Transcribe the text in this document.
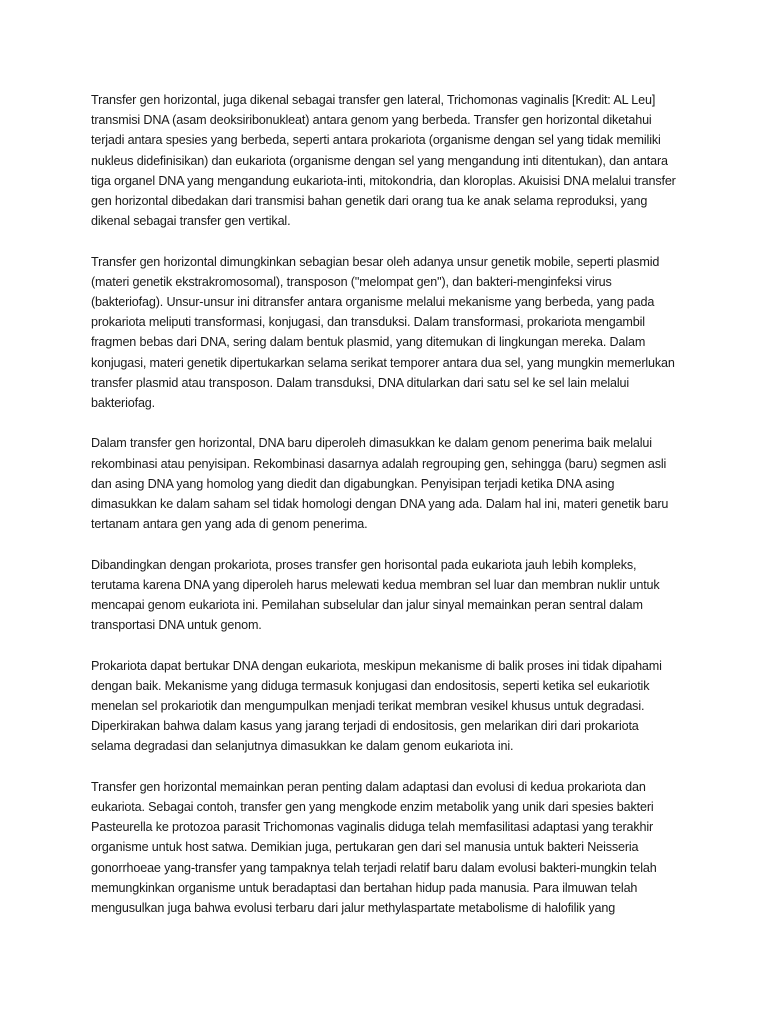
Transfer gen horizontal, juga dikenal sebagai transfer gen lateral, Trichomonas vaginalis [Kredit: AL Leu] transmisi DNA (asam deoksiribonukleat) antara genom yang berbeda. Transfer gen horizontal diketahui terjadi antara spesies yang berbeda, seperti antara prokariota (organisme dengan sel yang tidak memiliki nukleus didefinisikan) dan eukariota (organisme dengan sel yang mengandung inti ditentukan), dan antara tiga organel DNA yang mengandung eukariota-inti, mitokondria, dan kloroplas. Akuisisi DNA melalui transfer gen horizontal dibedakan dari transmisi bahan genetik dari orang tua ke anak selama reproduksi, yang dikenal sebagai transfer gen vertikal.

Transfer gen horizontal dimungkinkan sebagian besar oleh adanya unsur genetik mobile, seperti plasmid (materi genetik ekstrakromosomal), transposon ("melompat gen"), dan bakteri-menginfeksi virus (bakteriofag). Unsur-unsur ini ditransfer antara organisme melalui mekanisme yang berbeda, yang pada prokariota meliputi transformasi, konjugasi, dan transduksi. Dalam transformasi, prokariota mengambil fragmen bebas dari DNA, sering dalam bentuk plasmid, yang ditemukan di lingkungan mereka. Dalam konjugasi, materi genetik dipertukarkan selama serikat temporer antara dua sel, yang mungkin memerlukan transfer plasmid atau transposon. Dalam transduksi, DNA ditularkan dari satu sel ke sel lain melalui bakteriofag.

Dalam transfer gen horizontal, DNA baru diperoleh dimasukkan ke dalam genom penerima baik melalui rekombinasi atau penyisipan. Rekombinasi dasarnya adalah regrouping gen, sehingga (baru) segmen asli dan asing DNA yang homolog yang diedit dan digabungkan. Penyisipan terjadi ketika DNA asing dimasukkan ke dalam saham sel tidak homologi dengan DNA yang ada. Dalam hal ini, materi genetik baru tertanam antara gen yang ada di genom penerima.

Dibandingkan dengan prokariota, proses transfer gen horisontal pada eukariota jauh lebih kompleks, terutama karena DNA yang diperoleh harus melewati kedua membran sel luar dan membran nuklir untuk mencapai genom eukariota ini. Pemilahan subselular dan jalur sinyal memainkan peran sentral dalam transportasi DNA untuk genom.

Prokariota dapat bertukar DNA dengan eukariota, meskipun mekanisme di balik proses ini tidak dipahami dengan baik. Mekanisme yang diduga termasuk konjugasi dan endositosis, seperti ketika sel eukariotik menelan sel prokariotik dan mengumpulkan menjadi terikat membran vesikel khusus untuk degradasi. Diperkirakan bahwa dalam kasus yang jarang terjadi di endositosis, gen melarikan diri dari prokariota selama degradasi dan selanjutnya dimasukkan ke dalam genom eukariota ini.

Transfer gen horizontal memainkan peran penting dalam adaptasi dan evolusi di kedua prokariota dan eukariota. Sebagai contoh, transfer gen yang mengkode enzim metabolik yang unik dari spesies bakteri Pasteurella ke protozoa parasit Trichomonas vaginalis diduga telah memfasilitasi adaptasi yang terakhir organisme untuk host satwa. Demikian juga, pertukaran gen dari sel manusia untuk bakteri Neisseria gonorrhoeae yang-transfer yang tampaknya telah terjadi relatif baru dalam evolusi bakteri-mungkin telah memungkinkan organisme untuk beradaptasi dan bertahan hidup pada manusia. Para ilmuwan telah mengusulkan juga bahwa evolusi terbaru dari jalur methylaspartate metabolisme di halofilik yang
